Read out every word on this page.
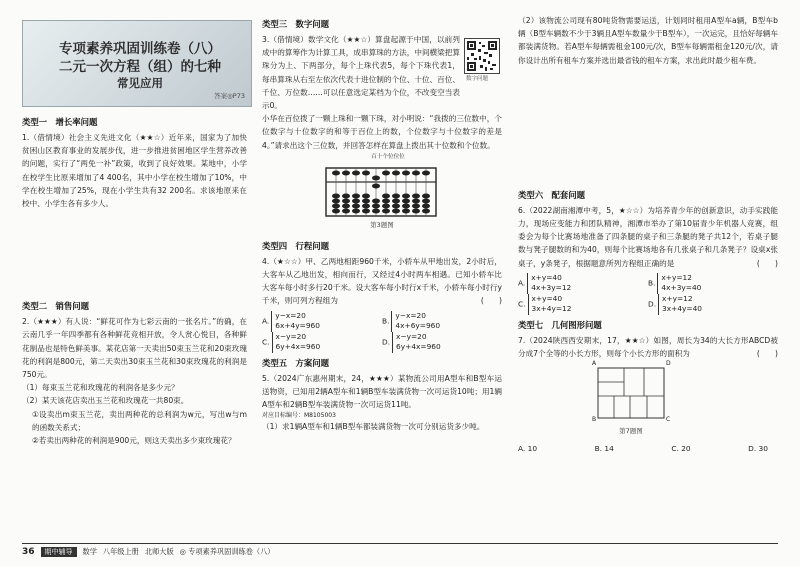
专项素养巩固训练卷（八）
二元一次方程（组）的七种
常见应用
答案◎P73
类型一　增长率问题
1.（借情境）社会主义先进文化（★★☆）近年来，国家为了加快贫困山区教育事业的发展步伐，进一步推进贫困地区学生营养改善的问题，实行了“两免一补”政策，收到了良好效果。某地中，小学在校学生比原来增加了4 400名，其中小学在校生增加了10%，中学在校生增加了25%，现在小学生共有32 200名。求该地原来在校中、小学生各有多少人。
类型二　销售问题
2.（★★★）有人说：“鲜花可作为七彩云南的一张名片。”的确，在云南几乎一年四季都有各种鲜花竞相开放，令人赏心悦目，各种鲜花制品也是特色鲜美事。某花店第一天卖出50束玉兰花和20束玫瑰花的利润是800元，第二天卖出30束玉兰花和30束玫瑰花的利润是750元。
（1）每束玉兰花和玫瑰花的利润各是多少元？
（2）某天该花店卖出玉兰花和玫瑰花一共80束。
①设卖出m束玉兰花，卖出两种花的总利润为w元，写出w与m的函数关系式；
②若卖出两种花的利润是900元，则这天卖出多少束玫瑰花？
类型三　数字问题
3.（借情境）数学文化（★★☆）算盘起源于中国，以前列成中的算筹作为计算工具，成串算珠的方法，中间横梁把算珠分为上、下两部分，每个上珠代表5，每个下珠代表1，每串算珠从右至左依次代表十进位制的个位、十位、百位、千位、万位数……可以任意选定某档为个位，不改变空当表示0。
小华在百位拨了一颗上珠和一颗下珠，对小明说：“我拨的三位数中，个位数字与十位数字的和等于百位上的数，个位数字与十位数字的差是4。”请求出这个三位数，并回答怎样在算盘上拨出其十位数和个位数。
百十个位位位
第3题图
类型四　行程问题
4.（★☆☆）甲、乙两地相距960千米，小轿车从甲地出发，2小时后，大客车从乙地出发，相向而行，又经过4小时两车相遇。已知小轿车比大客车每小时多行20千米。设大客车每小时行x千米，小轿车每小时行y千米，则可列方程组为	(　　)
A.y−x=20
6x+4y=960
B.y−x=20
4x+6y=960
C.x−y=20
6y+4x=960
D.x−y=20
6y+4x=960
类型五　方案问题
5.（2024广东惠州期末，24，★★★）某物流公司用A型车和B型车运送物资，已知用2辆A型车和1辆B型车装满货物一次可运货10吨；用1辆A型车和2辆B型车装满货物一次可运货11吨。
对应目标编号：M8105003
（1）求1辆A型车和1辆B型车都装满货物一次可分别运货多少吨。
数字问题
（2）该物流公司现有80吨货物需要运送，计划同时租用A型车a辆，B型车b辆（B型车辆数不少于3辆且A型车数量少于B型车），一次运完，且恰好每辆车都装满货物。若A型车每辆需租金100元/次，B型车每辆需租金120元/次，请你设计出所有租车方案并选出最省钱的租车方案，求出此时最少租车费。
类型六　配套问题
6.（2022湖南湘潭中考，5，★☆☆）为培养青少年的创新意识，动手实践能力，现场应变能力和团队精神，湘潭市举办了第10届青少年机器人竞赛，组委会为每个比赛场地准备了四条腿的桌子和三条腿的凳子共12个，若桌子腿数与凳子腿数的和为40，则每个比赛场地各有几张桌子和几条凳子？设桌x张桌子，y条凳子，根据题意所列方程组正确的是	(　　)
A.x+y=40
4x+3y=12
B.x+y=12
4x+3y=40
C.x+y=40
3x+4y=12
D.x+y=12
3x+4y=40
类型七　几何图形问题
7.（2024陕西西安期末，17，★★☆）如图，周长为34的大长方形ABCD被分成7个全等的小长方形，则每个小长方形的面积为	(　　)
A	D
B	C
第7题图
A. 10	B. 14	C. 20	D. 30
36	期中辅导	数学 八年级上册 北师大版 ◎ 专项素养巩固训练卷（八）
